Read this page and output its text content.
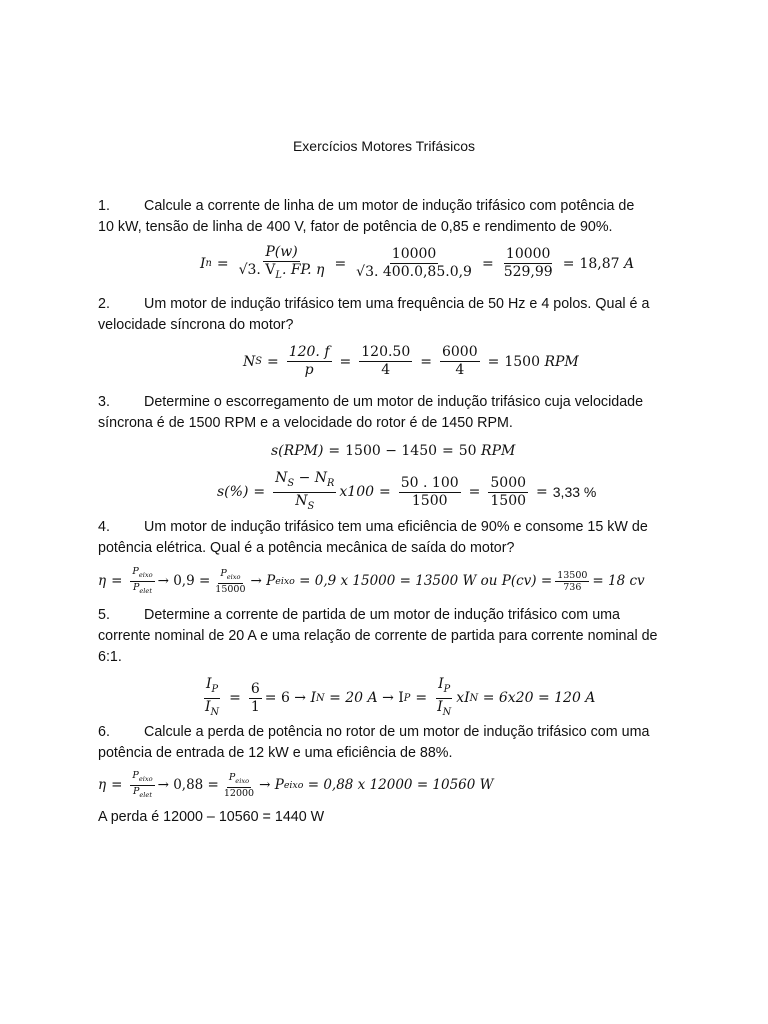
Exercícios Motores Trifásicos
1. Calcule a corrente de linha de um motor de indução trifásico com potência de
10 kW, tensão de linha de 400 V, fator de potência de 0,85 e rendimento de 90%.
I $n = \frac{P(w)}{√3. V_L. FP. \eta} = \frac{10000}{√3. 400.0,85.0,9} = \frac{10000}{529,99} = 18,87$
A
2. Um motor de indução trifásico tem uma frequência de 50 Hz e 4 polos. Qual é a
velocidade síncrona do motor?
N $S = \frac{120. f}{p} = \frac{120.50}{4} = \frac{6000}{4} = 1500$
RPM
3. Determine o escorregamento de um motor de indução trifásico cuja velocidade
síncrona é de 1500 RPM e a velocidade do rotor é de 1450 RPM.
s(RPM) = 1500 − 1450 = 50
RPM
$s(\%) = \frac{N_S - N_R}{N_S} x100 = \frac{50 . 100}{1500} = \frac{5000}{1500} = 3,33$ %
4. Um motor de indução trifásico tem uma eficiência de 90% e consome 15 kW de
potência elétrica. Qual é a potência mecânica de saída do motor?
$\eta = \frac{P_{eixo}}{P_{elet}} \to 0,9 = \frac{P_{eixo}}{15000}$ →
P eixo
= 0,9 x 15000 = 13500 W ou $P(cv) = \frac{13500}{736} = 18$ cv
5. Determine a corrente de partida de um motor de indução trifásico com uma
corrente nominal de 20 A e uma relação de corrente de partida para corrente nominal de 6:1.
$\frac{I_P}{I_N} = \frac{6}{1} = 6$ →
I N
= 20 A →
I $P = \frac{I_P}{I_N}$ xI N
= 6x20 = 120 A
6. Calcule a perda de potência no rotor de um motor de indução trifásico com uma
potência de entrada de 12 kW e uma eficiência de 88%.
$\eta = \frac{P_{eixo}}{P_{elet}} \to 0,88 = \frac{P_{eixo}}{12000}$ →
P eixo
= 0,88 x 12000 = 10560 W
A perda é 12000 – 10560 = 1440 W
